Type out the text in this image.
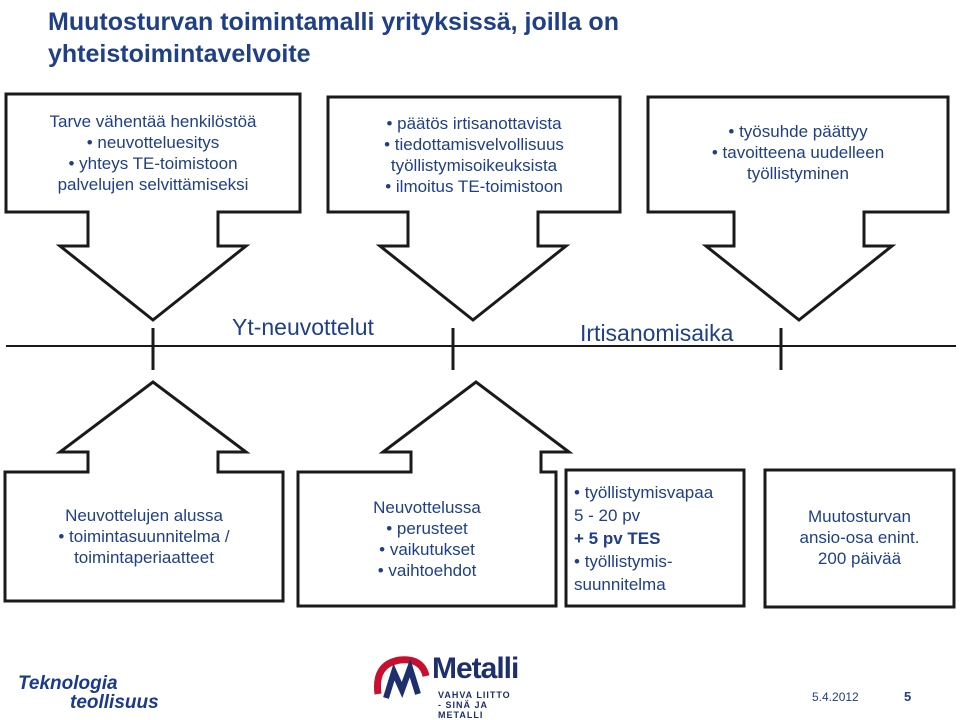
Muutosturvan toimintamalli yrityksissä, joilla on
yhteistoimintavelvoite
Tarve vähentää henkilöstöä
• neuvotteluesitys
• yhteys TE-toimistoon
palvelujen selvittämiseksi
• päätös irtisanottavista
• tiedottamisvelvollisuus
työllistymisoikeuksista
• ilmoitus TE-toimistoon
• työsuhde päättyy
• tavoitteena uudelleen
työllistyminen
Yt-neuvottelut	Irtisanomisaika
Neuvottelujen alussa
• toimintasuunnitelma /
toimintaperiaatteet
Neuvottelussa
• perusteet
• vaikutukset
• vaihtoehdot
• työllistymisvapaa
5 - 20 pv
+ 5 pv TES
• työllistymis-
suunnitelma
Muutosturvan
ansio-osa enint.
200 päivää
Teknologia
teollisuus
Metalli
VAHVA LIITTO
- SINÄ JA METALLI
5.4.2012	5
